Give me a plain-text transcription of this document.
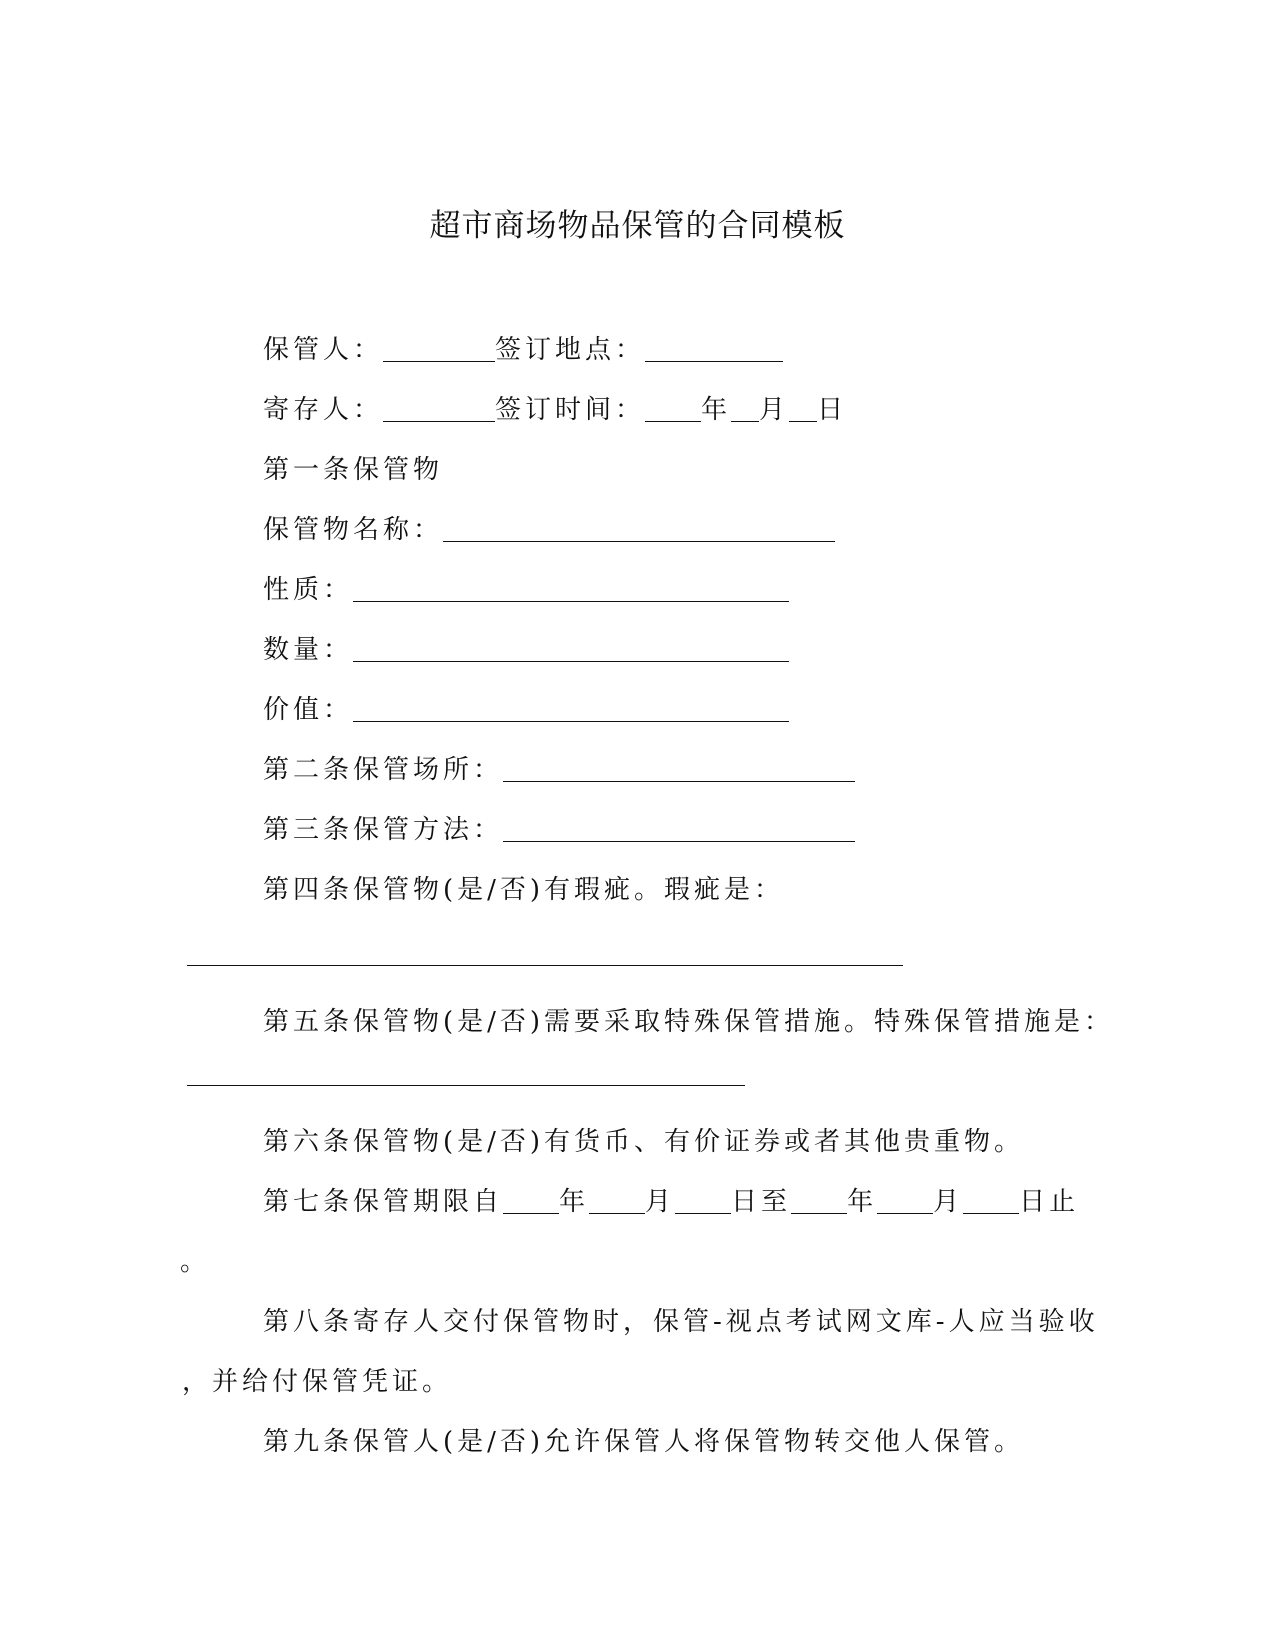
超市商场物品保管的合同模板
保管人：	签订地点：
寄存人：	签订时间： 年 月 日
第一条保管物
保管物名称：
性质：
数量：
价值：
第二条保管场所：
第三条保管方法：
第四条保管物(是/否)有瑕疵。瑕疵是：
第五条保管物(是/否)需要采取特殊保管措施。特殊保管措施是：
第六条保管物(是/否)有货币、有价证券或者其他贵重物。
第七条保管期限自 年 月 日至 年 月 日止
。
第八条寄存人交付保管物时，保管-视点考试网文库-人应当验收
，并给付保管凭证。
第九条保管人(是/否)允许保管人将保管物转交他人保管。
